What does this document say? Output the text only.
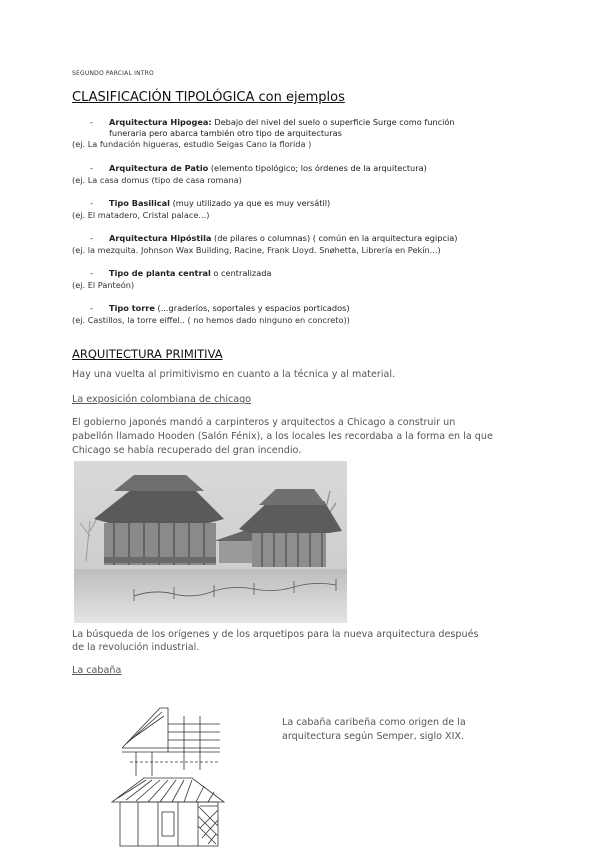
SEGUNDO PARCIAL INTRO
CLASIFICACIÓN TIPOLÓGICA con ejemplos
- Arquitectura Hipogea: Debajo del nivel del suelo o superficie Surge como función
funeraria pero abarca también otro tipo de arquitecturas
(ej. La fundación higueras, estudio Seigas Cano la florida )
- Arquitectura de Patio (elemento tipológico; los órdenes de la arquitectura)
(ej. La casa domus (tipo de casa romana)
- Tipo Basilical (muy utilizado ya que es muy versátil)
(ej. El matadero, Cristal palace...)
- Arquitectura Hipóstila (de pilares o columnas) ( común en la arquitectura egipcia)
(ej. la mezquita. Johnson Wax Building, Racine, Frank Lloyd. Snøhetta, Librería en Pekín...)
- Tipo de planta central o centralizada
(ej. El Panteón)
- Tipo torre (...graderíos, soportales y espacios porticados)
(ej. Castillos, la torre eiffel.. ( no hemos dado ninguno en concreto))
ARQUITECTURA PRIMITIVA
Hay una vuelta al primitivismo en cuanto a la técnica y al material.
La exposición colombiana de chicago
El gobierno japonés mandó a carpinteros y arquitectos a Chicago a construir un
pabellón llamado Hooden (Salón Fénix), a los locales les recordaba a la forma en la que
Chicago se había recuperado del gran incendio.
La búsqueda de los orígenes y de los arquetipos para la nueva arquitectura después
de la revolución industrial.
La cabaña
La cabaña caribeña como origen de la
arquitectura según Semper, siglo XIX.
